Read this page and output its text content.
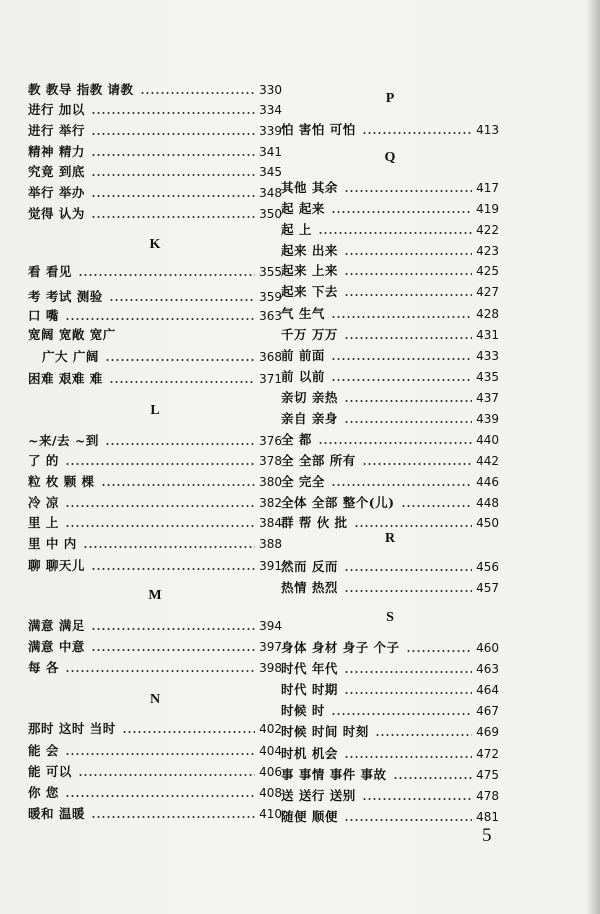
教 教导 指教 请教	330
进行 加以	334
进行 举行	339
精神 精力	341
究竟 到底	345
举行 举办	348
觉得 认为	350
K
看 看见	355
考 考试 测验	359
口 嘴	363
宽阔 宽敞 宽广
广大 广阔	368
困难 艰难 难	371
L
~来/去 ~到	376
了 的	378
粒 枚 颗 棵	380
冷 凉	382
里 上	384
里 中 内	388
聊 聊天儿	391
M
满意 满足	394
满意 中意	397
每 各	398
N
那时 这时 当时	402
能 会	404
能 可以	406
你 您	408
暖和 温暖	410
P
怕 害怕 可怕	413
Q
其他 其余	417
起 起来	419
起 上	422
起来 出来	423
起来 上来	425
起来 下去	427
气 生气	428
千万 万万	431
前 前面	433
前 以前	435
亲切 亲热	437
亲自 亲身	439
全 都	440
全 全部 所有	442
全 完全	446
全体 全部 整个(儿)	448
群 帮 伙 批	450
R
然而 反而	456
热情 热烈	457
S
身体 身材 身子 个子	460
时代 年代	463
时代 时期	464
时候 时	467
时候 时间 时刻	469
时机 机会	472
事 事情 事件 事故	475
送 送行 送别	478
随便 顺便	481
5
